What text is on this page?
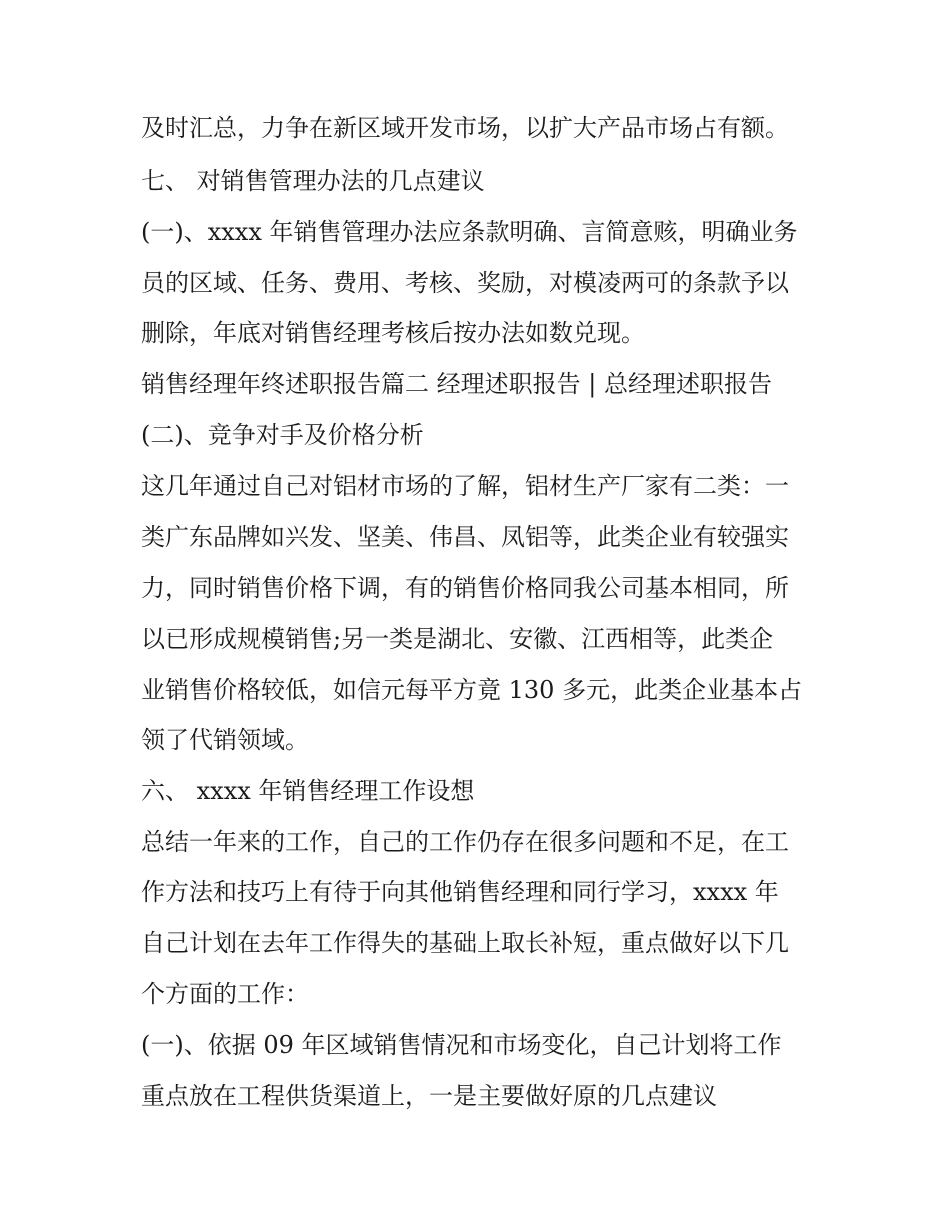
及时汇总，力争在新区域开发市场，以扩大产品市场占有额。
七、 对销售管理办法的几点建议
(一)、xxxx 年销售管理办法应条款明确、言简意赅，明确业务
员的区域、任务、费用、考核、奖励，对模凌两可的条款予以
删除，年底对销售经理考核后按办法如数兑现。
销售经理年终述职报告篇二 经理述职报告 | 总经理述职报告
(二)、竞争对手及价格分析
这几年通过自己对铝材市场的了解，铝材生产厂家有二类：一
类广东品牌如兴发、坚美、伟昌、凤铝等，此类企业有较强实
力，同时销售价格下调，有的销售价格同我公司基本相同，所
以已形成规模销售;另一类是湖北、安徽、江西相等，此类企
业销售价格较低，如信元每平方竟 130 多元，此类企业基本占
领了代销领域。
六、 xxxx 年销售经理工作设想
总结一年来的工作，自己的工作仍存在很多问题和不足，在工
作方法和技巧上有待于向其他销售经理和同行学习，xxxx 年
自己计划在去年工作得失的基础上取长补短，重点做好以下几
个方面的工作：
(一)、依据 09 年区域销售情况和市场变化，自己计划将工作
重点放在工程供货渠道上，一是主要做好原的几点建议
